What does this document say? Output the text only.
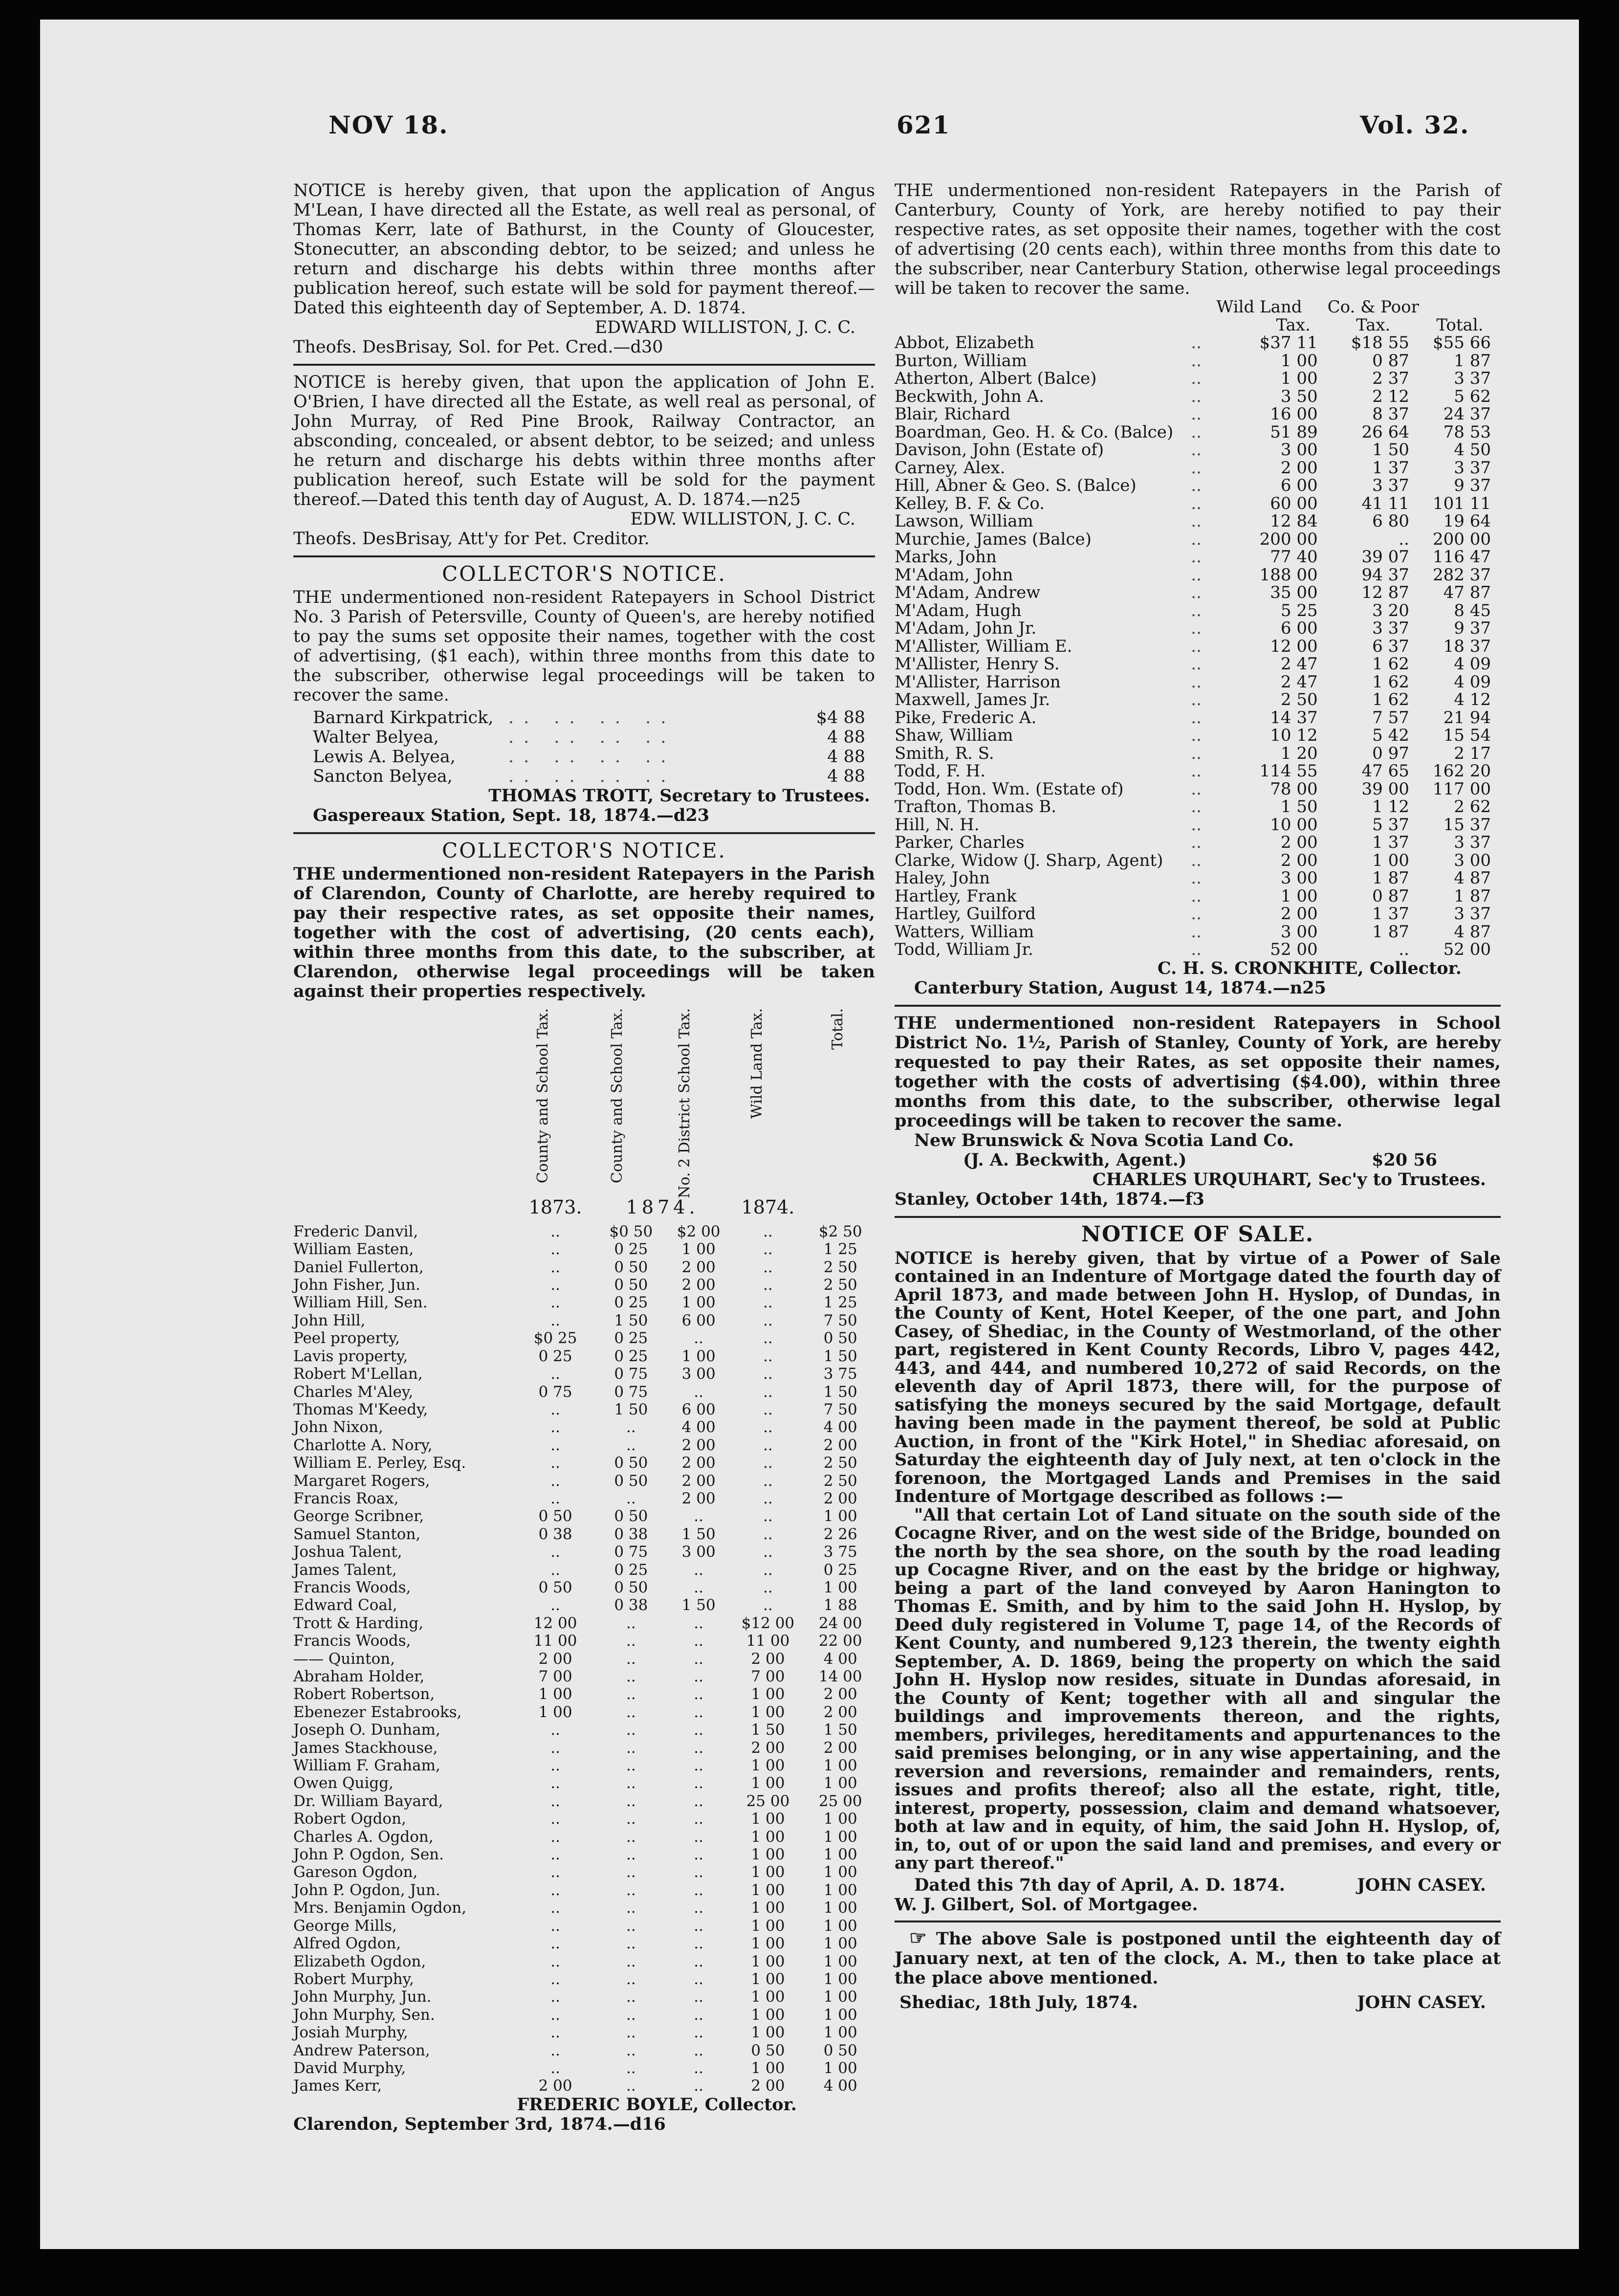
NOV 18.	621	Vol. 32.

NOTICE is hereby given, that upon the application of Angus M'Lean, I have directed all the Estate, as well real as personal, of Thomas Kerr, late of Bathurst, in the County of Gloucester, Stonecutter, an absconding debtor, to be seized; and unless he return and discharge his debts within three months after publication hereof, such estate will be sold for payment thereof.—Dated this eighteenth day of September, A. D. 1874.

EDWARD WILLISTON, J. C. C.

Theofs. DesBrisay, Sol. for Pet. Cred.—d30

NOTICE is hereby given, that upon the application of John E. O'Brien, I have directed all the Estate, as well real as personal, of John Murray, of Red Pine Brook, Railway Contractor, an absconding, concealed, or absent debtor, to be seized; and unless he return and discharge his debts within three months after publication hereof, such Estate will be sold for the payment thereof.—Dated this tenth day of August, A. D. 1874.—n25

EDW. WILLISTON, J. C. C.

Theofs. DesBrisay, Att'y for Pet. Creditor.

COLLECTOR'S NOTICE.

THE undermentioned non-resident Ratepayers in School District No. 3 Parish of Petersville, County of Queen's, are hereby notified to pay the sums set opposite their names, together with the cost of advertising, ($1 each), within three months from this date to the subscriber, otherwise legal proceedings will be taken to recover the same.

Barnard Kirkpatrick, .. .. .. ..	$4 88
Walter Belyea,	.. .. .. ..	4 88
Lewis A. Belyea,	.. .. .. ..	4 88
Sancton Belyea,	.. .. .. ..	4 88

THOMAS TROTT, Secretary to Trustees.

Gaspereaux Station, Sept. 18, 1874.—d23

COLLECTOR'S NOTICE.

THE undermentioned non-resident Ratepayers in the Parish of Clarendon, County of Charlotte, are hereby required to pay their respective rates, as set opposite their names, together with the cost of advertising, (20 cents each), within three months from this date, to the subscriber, at Clarendon, otherwise legal proceedings will be taken against their properties respectively.

	County and School Tax.	County and School Tax.	No. 2 District School Tax.	Wild Land Tax.	Total.

	1873.	1874.		1874.	
Frederic Danvil,	..	$0 50	$2 00	..	$2 50
William Easten,	..	0 25	1 00	..	1 25
Daniel Fullerton,	..	0 50	2 00	..	2 50
John Fisher, Jun.	..	0 50	2 00	..	2 50
William Hill, Sen.	..	0 25	1 00	..	1 25
John Hill,	..	1 50	6 00	..	7 50
Peel property,	$0 25	0 25	..	..	0 50
Lavis property,	0 25	0 25	1 00	..	1 50
Robert M'Lellan,	..	0 75	3 00	..	3 75
Charles M'Aley,	0 75	0 75	..	..	1 50
Thomas M'Keedy,	..	1 50	6 00	..	7 50
John Nixon,	..	..	4 00	..	4 00
Charlotte A. Nory,	..	..	2 00	..	2 00
William E. Perley, Esq.	..	0 50	2 00	..	2 50
Margaret Rogers,	..	0 50	2 00	..	2 50
Francis Roax,	..	..	2 00	..	2 00
George Scribner,	0 50	0 50	..	..	1 00
Samuel Stanton,	0 38	0 38	1 50	..	2 26
Joshua Talent,	..	0 75	3 00	..	3 75
James Talent,	..	0 25	..	..	0 25
Francis Woods,	0 50	0 50	..	..	1 00
Edward Coal,	..	0 38	1 50	..	1 88
Trott & Harding,	12 00	..	..	$12 00	24 00
Francis Woods,	11 00	..	..	11 00	22 00
—— Quinton,	2 00	..	..	2 00	4 00
Abraham Holder,	7 00	..	..	7 00	14 00
Robert Robertson,	1 00	..	..	1 00	2 00
Ebenezer Estabrooks,	1 00	..	..	1 00	2 00
Joseph O. Dunham,	..	..	..	1 50	1 50
James Stackhouse,	..	..	..	2 00	2 00
William F. Graham,	..	..	..	1 00	1 00
Owen Quigg,	..	..	..	1 00	1 00
Dr. William Bayard,	..	..	..	25 00	25 00
Robert Ogdon,	..	..	..	1 00	1 00
Charles A. Ogdon,	..	..	..	1 00	1 00
John P. Ogdon, Sen.	..	..	..	1 00	1 00
Gareson Ogdon,	..	..	..	1 00	1 00
John P. Ogdon, Jun.	..	..	..	1 00	1 00
Mrs. Benjamin Ogdon,	..	..	..	1 00	1 00
George Mills,	..	..	..	1 00	1 00
Alfred Ogdon,	..	..	..	1 00	1 00
Elizabeth Ogdon,	..	..	..	1 00	1 00
Robert Murphy,	..	..	..	1 00	1 00
John Murphy, Jun.	..	..	..	1 00	1 00
John Murphy, Sen.	..	..	..	1 00	1 00
Josiah Murphy,	..	..	..	1 00	1 00
Andrew Paterson,	..	..	..	0 50	0 50
David Murphy,	..	..	..	1 00	1 00
James Kerr,	2 00	..	..	2 00	4 00

FREDERIC BOYLE, Collector.

Clarendon, September 3rd, 1874.—d16

THE undermentioned non-resident Ratepayers in the Parish of Canterbury, County of York, are hereby notified to pay their respective rates, as set opposite their names, together with the cost of advertising (20 cents each), within three months from this date to the subscriber, near Canterbury Station, otherwise legal proceedings will be taken to recover the same.

	Wild Land		Co. & Poor	
		Tax.	Tax.	Total.
Abbot, Elizabeth	..	$37 11	$18 55	$55 66
Burton, William	..	1 00	0 87	1 87
Atherton, Albert (Balce)	..	1 00	2 37	3 37
Beckwith, John A.	..	3 50	2 12	5 62
Blair, Richard	..	16 00	8 37	24 37
Boardman, Geo. H. & Co. (Balce)	..	51 89	26 64	78 53
Davison, John (Estate of)	..	3 00	1 50	4 50
Carney, Alex.	..	2 00	1 37	3 37
Hill, Abner & Geo. S. (Balce)	..	6 00	3 37	9 37
Kelley, B. F. & Co.	..	60 00	41 11	101 11
Lawson, William	..	12 84	6 80	19 64
Murchie, James (Balce)	..	200 00	..	200 00
Marks, John	..	77 40	39 07	116 47
M'Adam, John	..	188 00	94 37	282 37
M'Adam, Andrew	..	35 00	12 87	47 87
M'Adam, Hugh	..	5 25	3 20	8 45
M'Adam, John Jr.	..	6 00	3 37	9 37
M'Allister, William E.	..	12 00	6 37	18 37
M'Allister, Henry S.	..	2 47	1 62	4 09
M'Allister, Harrison	..	2 47	1 62	4 09
Maxwell, James Jr.	..	2 50	1 62	4 12
Pike, Frederic A.	..	14 37	7 57	21 94
Shaw, William	..	10 12	5 42	15 54
Smith, R. S.	..	1 20	0 97	2 17
Todd, F. H.	..	114 55	47 65	162 20
Todd, Hon. Wm. (Estate of)	..	78 00	39 00	117 00
Trafton, Thomas B.	..	1 50	1 12	2 62
Hill, N. H.	..	10 00	5 37	15 37
Parker, Charles	..	2 00	1 37	3 37
Clarke, Widow (J. Sharp, Agent)	..	2 00	1 00	3 00
Haley, John	..	3 00	1 87	4 87
Hartley, Frank	..	1 00	0 87	1 87
Hartley, Guilford	..	2 00	1 37	3 37
Watters, William	..	3 00	1 87	4 87
Todd, William Jr.	..	52 00	..	52 00

C. H. S. CRONKHITE, Collector.

Canterbury Station, August 14, 1874.—n25

THE undermentioned non-resident Ratepayers in School District No. 1½, Parish of Stanley, County of York, are hereby requested to pay their Rates, as set opposite their names, together with the costs of advertising ($4.00), within three months from this date, to the subscriber, otherwise legal proceedings will be taken to recover the same.

New Brunswick & Nova Scotia Land Co.

(J. A. Beckwith, Agent.)	$20 56

CHARLES URQUHART, Sec'y to Trustees.

Stanley, October 14th, 1874.—f3

NOTICE OF SALE.

NOTICE is hereby given, that by virtue of a Power of Sale contained in an Indenture of Mortgage dated the fourth day of April 1873, and made between John H. Hyslop, of Dundas, in the County of Kent, Hotel Keeper, of the one part, and John Casey, of Shediac, in the County of Westmorland, of the other part, registered in Kent County Records, Libro V, pages 442, 443, and 444, and numbered 10,272 of said Records, on the eleventh day of April 1873, there will, for the purpose of satisfying the moneys secured by the said Mortgage, default having been made in the payment thereof, be sold at Public Auction, in front of the "Kirk Hotel," in Shediac aforesaid, on Saturday the eighteenth day of July next, at ten o'clock in the forenoon, the Mortgaged Lands and Premises in the said Indenture of Mortgage described as follows :—

"All that certain Lot of Land situate on the south side of the Cocagne River, and on the west side of the Bridge, bounded on the north by the sea shore, on the south by the road leading up Cocagne River, and on the east by the bridge or highway, being a part of the land conveyed by Aaron Hanington to Thomas E. Smith, and by him to the said John H. Hyslop, by Deed duly registered in Volume T, page 14, of the Records of Kent County, and numbered 9,123 therein, the twenty eighth September, A. D. 1869, being the property on which the said John H. Hyslop now resides, situate in Dundas aforesaid, in the County of Kent; together with all and singular the buildings and improvements thereon, and the rights, members, privileges, hereditaments and appurtenances to the said premises belonging, or in any wise appertaining, and the reversion and reversions, remainder and remainders, rents, issues and profits thereof; also all the estate, right, title, interest, property, possession, claim and demand whatsoever, both at law and in equity, of him, the said John H. Hyslop, of, in, to, out of or upon the said land and premises, and every or any part thereof."

Dated this 7th day of April, A. D. 1874.	JOHN CASEY.

W. J. Gilbert, Sol. of Mortgagee.

☞ The above Sale is postponed until the eighteenth day of January next, at ten of the clock, A. M., then to take place at the place above mentioned.

Shediac, 18th July, 1874.	JOHN CASEY.
